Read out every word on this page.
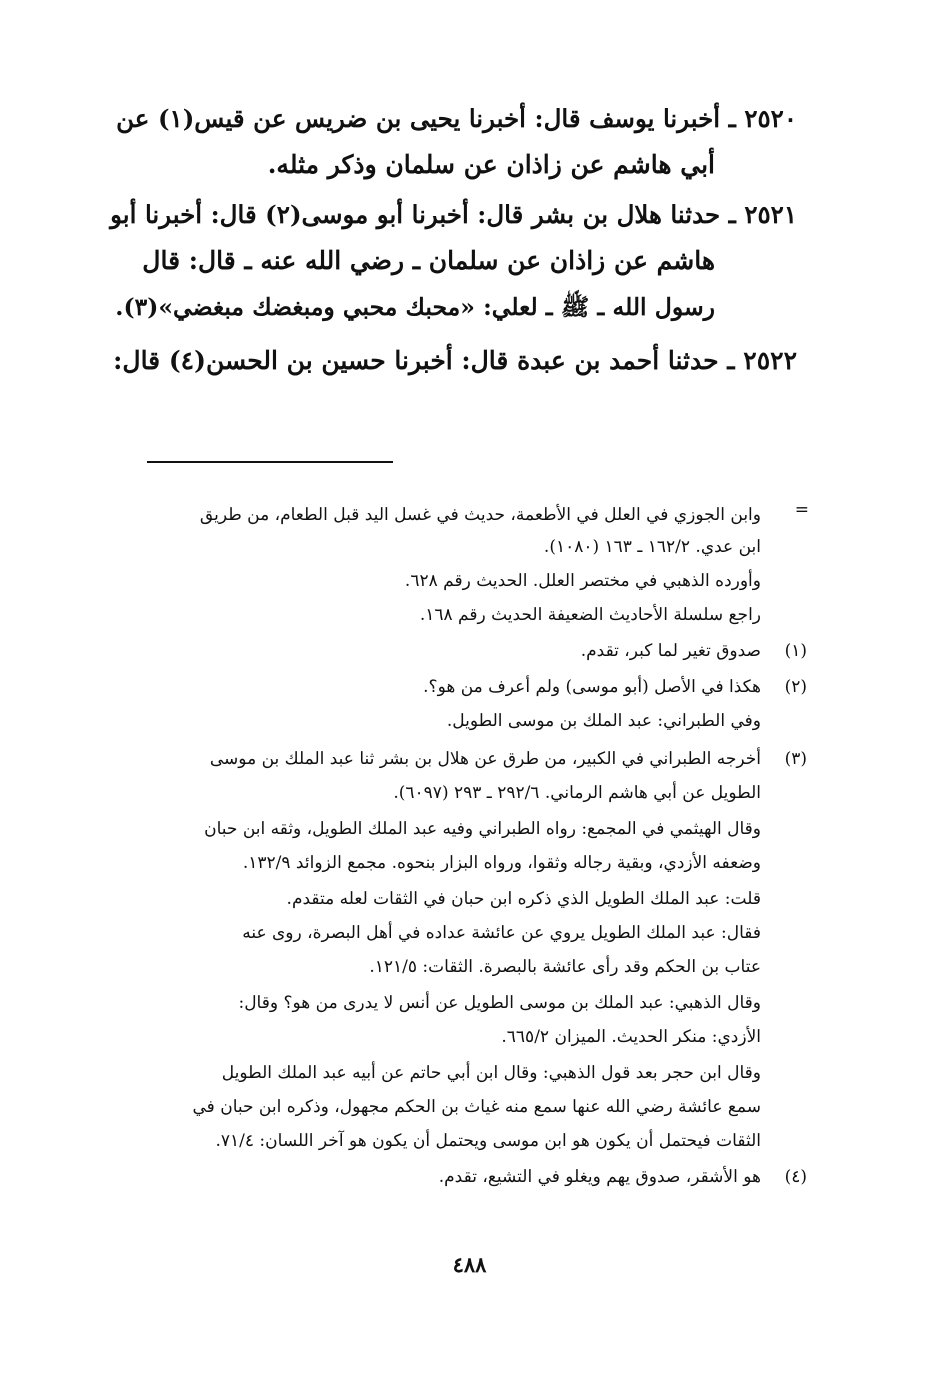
٢٥٢٠ ـ أخبرنا يوسف قال: أخبرنا يحيى بن ضريس عن قيس(١) عن
أبي هاشم عن زاذان عن سلمان وذكر مثله.
٢٥٢١ ـ حدثنا هلال بن بشر قال: أخبرنا أبو موسى(٢) قال: أخبرنا أبو
هاشم عن زاذان عن سلمان ـ رضي الله عنه ـ قال: قال
رسول الله ـ ﷺ ـ لعلي: «محبك محبي ومبغضك مبغضي»(٣).
٢٥٢٢ ـ حدثنا أحمد بن عبدة قال: أخبرنا حسين بن الحسن(٤) قال:
=
وابن الجوزي في العلل في الأطعمة، حديث في غسل اليد قبل الطعام، من طريق
ابن عدي. ١٦٢/٢ ـ ١٦٣ (١٠٨٠).
وأورده الذهبي في مختصر العلل. الحديث رقم ٦٢٨.
راجع سلسلة الأحاديث الضعيفة الحديث رقم ١٦٨.
(١)صدوق تغير لما كبر، تقدم.
(٢)هكذا في الأصل (أبو موسى) ولم أعرف من هو؟.
وفي الطبراني: عبد الملك بن موسى الطويل.
(٣)أخرجه الطبراني في الكبير، من طرق عن هلال بن بشر ثنا عبد الملك بن موسى
الطويل عن أبي هاشم الرماني. ٢٩٢/٦ ـ ٢٩٣ (٦٠٩٧).
وقال الهيثمي في المجمع: رواه الطبراني وفيه عبد الملك الطويل، وثقه ابن حبان
وضعفه الأزدي، وبقية رجاله وثقوا، ورواه البزار بنحوه. مجمع الزوائد ١٣٢/٩.
قلت: عبد الملك الطويل الذي ذكره ابن حبان في الثقات لعله متقدم.
فقال: عبد الملك الطويل يروي عن عائشة عداده في أهل البصرة، روى عنه
عتاب بن الحكم وقد رأى عائشة بالبصرة. الثقات: ١٢١/٥.
وقال الذهبي: عبد الملك بن موسى الطويل عن أنس لا يدرى من هو؟ وقال:
الأزدي: منكر الحديث. الميزان ٦٦٥/٢.
وقال ابن حجر بعد قول الذهبي: وقال ابن أبي حاتم عن أبيه عبد الملك الطويل
سمع عائشة رضي الله عنها سمع منه غياث بن الحكم مجهول، وذكره ابن حبان في
الثقات فيحتمل أن يكون هو ابن موسى ويحتمل أن يكون هو آخر اللسان: ٧١/٤.
(٤)هو الأشقر، صدوق يهم ويغلو في التشيع، تقدم.
٤٨٨
